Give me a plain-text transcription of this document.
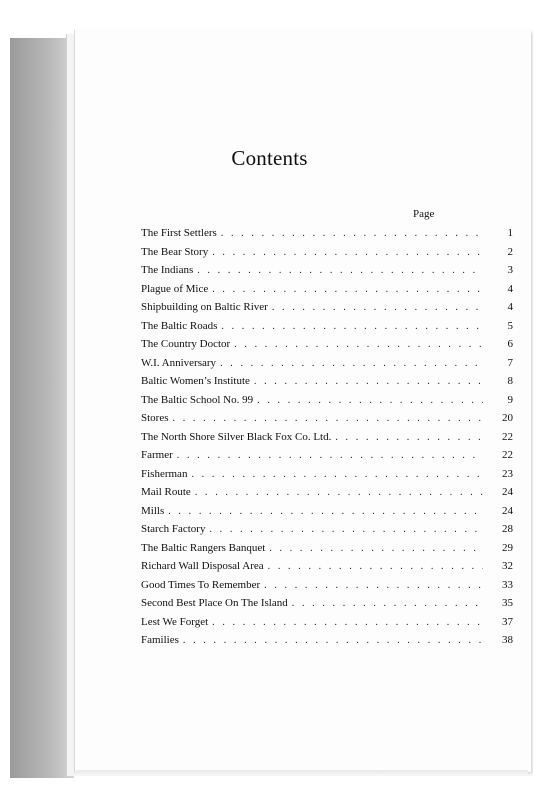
Contents
Page
The First Settlers . . .	1
The Bear Story . . .	2
The Indians . . .	3
Plague of Mice . . .	4
Shipbuilding on Baltic River . . .	4
The Baltic Roads . . .	5
The Country Doctor . . .	6
W.I. Anniversary . . .	7
Baltic Women’s Institute . . .	8
The Baltic School No. 99 . . .	9
Stores . . .	20
The North Shore Silver Black Fox Co. Ltd. . . .	22
Farmer . . .	22
Fisherman . . .	23
Mail Route . . .	24
Mills . . .	24
Starch Factory . . .	28
The Baltic Rangers Banquet . . .	29
Richard Wall Disposal Area . . .	32
Good Times To Remember . . .	33
Second Best Place On The Island . . .	35
Lest We Forget . . .	37
Families . . .	38
